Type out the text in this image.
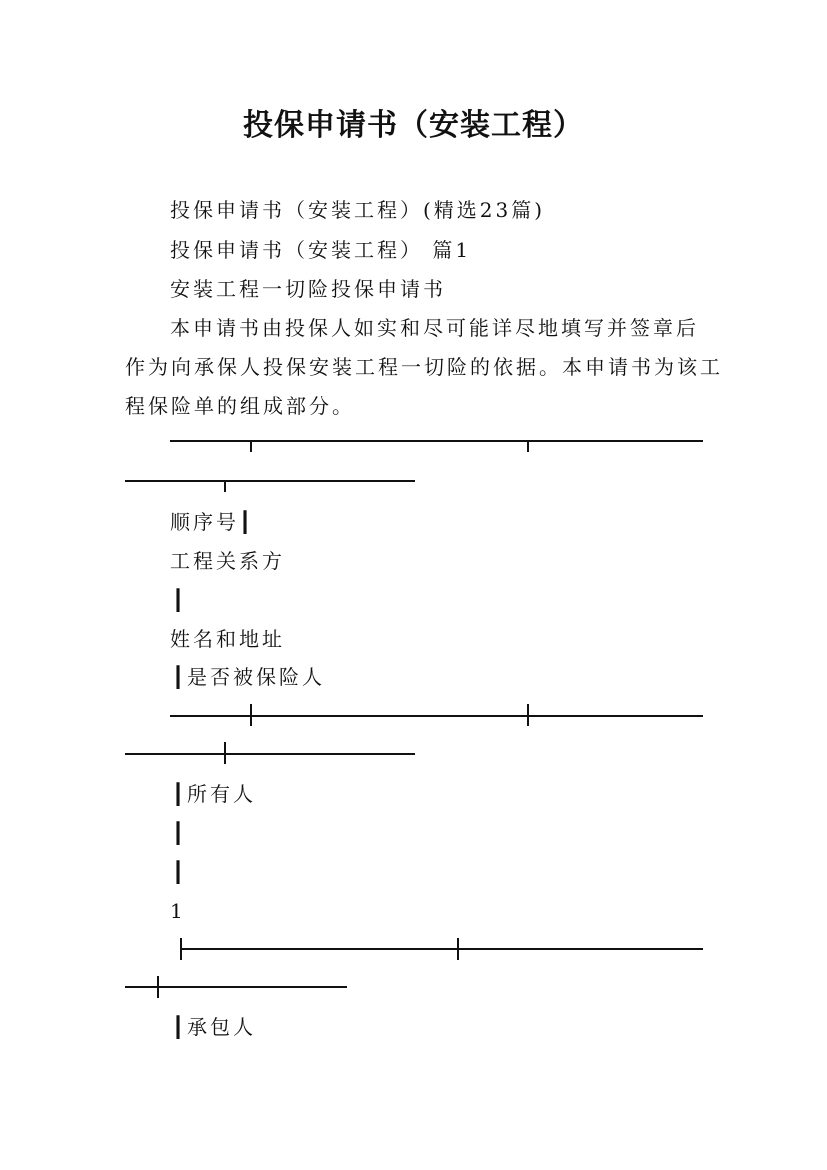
投保申请书（安装工程）
投保申请书（安装工程）(精选23篇)
投保申请书（安装工程） 篇1
安装工程一切险投保申请书
本申请书由投保人如实和尽可能详尽地填写并签章后
作为向承保人投保安装工程一切险的依据。本申请书为该工
程保险单的组成部分。
顺序号┃
工程关系方
┃
姓名和地址
┃是否被保险人
┃所有人
┃
┃
1
┃承包人
